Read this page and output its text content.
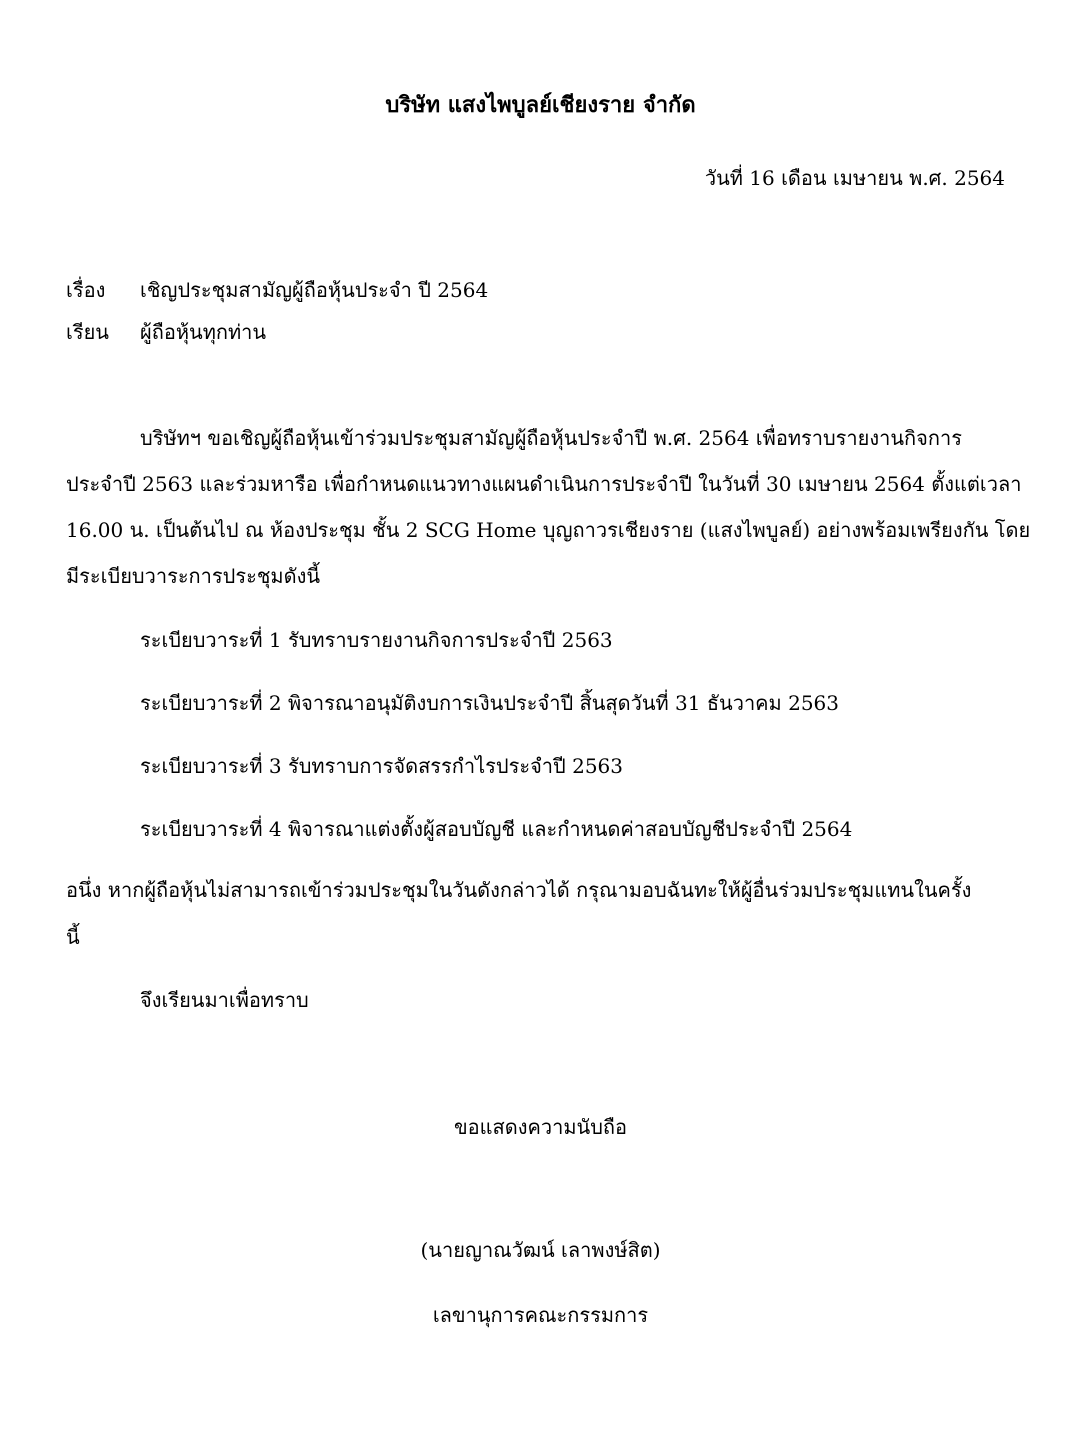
บริษัท แสงไพบูลย์เชียงราย จำกัด
วันที่ 16 เดือน เมษายน พ.ศ. 2564
เรื่อง เชิญประชุมสามัญผู้ถือหุ้นประจำ ปี 2564
เรียน ผู้ถือหุ้นทุกท่าน
บริษัทฯ ขอเชิญผู้ถือหุ้นเข้าร่วมประชุมสามัญผู้ถือหุ้นประจำปี พ.ศ. 2564 เพื่อทราบรายงานกิจการ
ประจำปี 2563 และร่วมหารือ เพื่อกำหนดแนวทางแผนดำเนินการประจำปี ในวันที่ 30 เมษายน 2564 ตั้งแต่เวลา
16.00 น. เป็นต้นไป ณ ห้องประชุม ชั้น 2 SCG Home บุญถาวรเชียงราย (แสงไพบูลย์) อย่างพร้อมเพรียงกัน โดย
มีระเบียบวาระการประชุมดังนี้
ระเบียบวาระที่ 1 รับทราบรายงานกิจการประจำปี 2563
ระเบียบวาระที่ 2 พิจารณาอนุมัติงบการเงินประจำปี สิ้นสุดวันที่ 31 ธันวาคม 2563
ระเบียบวาระที่ 3 รับทราบการจัดสรรกำไรประจำปี 2563
ระเบียบวาระที่ 4 พิจารณาแต่งตั้งผู้สอบบัญชี และกำหนดค่าสอบบัญชีประจำปี 2564
อนึ่ง หากผู้ถือหุ้นไม่สามารถเข้าร่วมประชุมในวันดังกล่าวได้ กรุณามอบฉันทะให้ผู้อื่นร่วมประชุมแทนในครั้ง
นี้
จึงเรียนมาเพื่อทราบ
ขอแสดงความนับถือ
(นายญาณวัฒน์ เลาพงษ์สิต)
เลขานุการคณะกรรมการ
